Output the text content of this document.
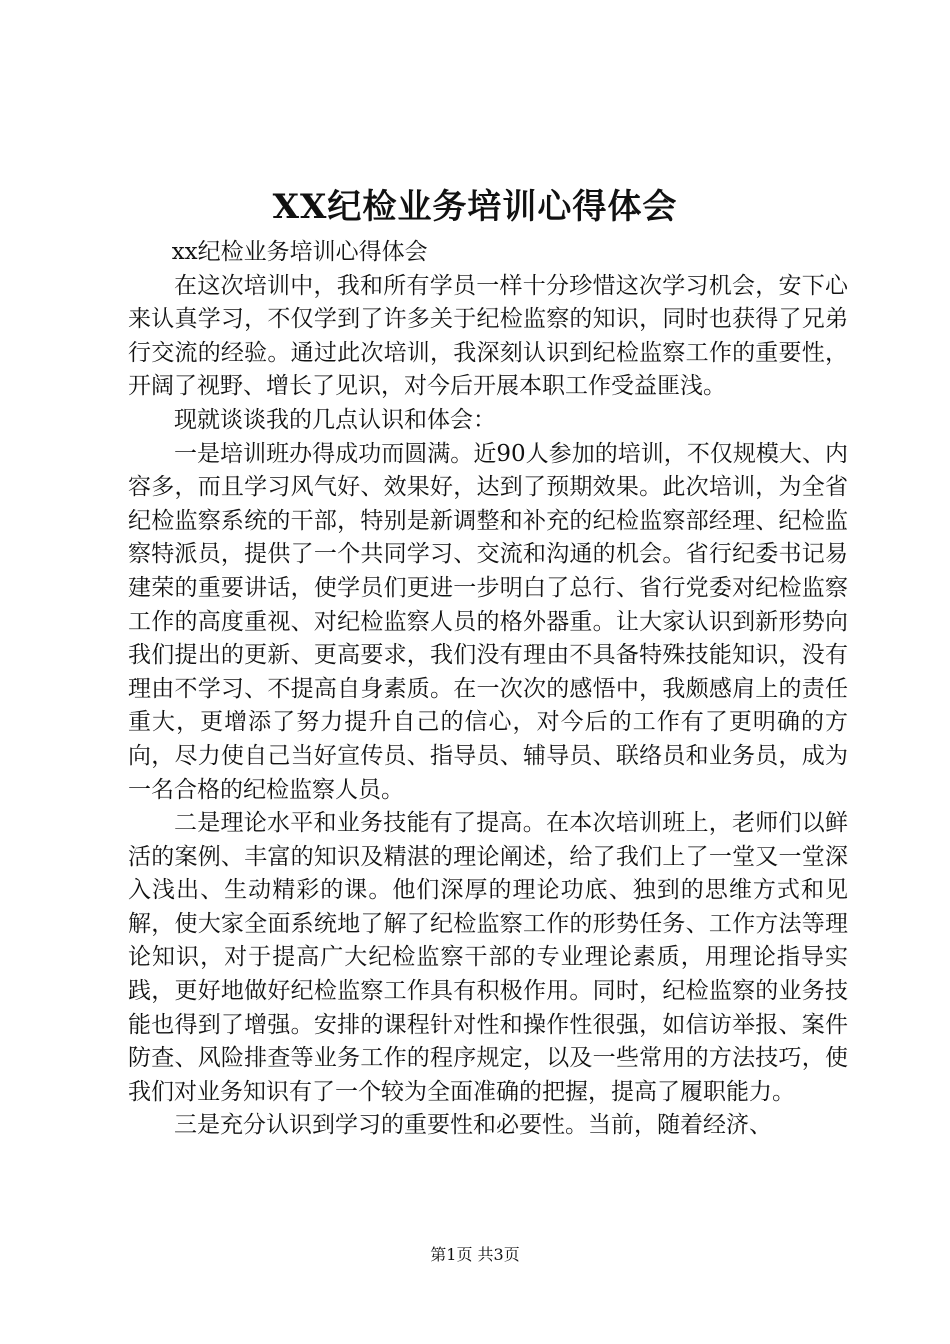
XX纪检业务培训心得体会

xx纪检业务培训心得体会

在这次培训中，我和所有学员一样十分珍惜这次学习机会，安下心来认真学习，不仅学到了许多关于纪检监察的知识，同时也获得了兄弟行交流的经验。通过此次培训，我深刻认识到纪检监察工作的重要性，开阔了视野、增长了见识，对今后开展本职工作受益匪浅。

现就谈谈我的几点认识和体会：

一是培训班办得成功而圆满。近90人参加的培训，不仅规模大、内容多，而且学习风气好、效果好，达到了预期效果。此次培训，为全省纪检监察系统的干部，特别是新调整和补充的纪检监察部经理、纪检监察特派员，提供了一个共同学习、交流和沟通的机会。省行纪委书记易建荣的重要讲话，使学员们更进一步明白了总行、省行党委对纪检监察工作的高度重视、对纪检监察人员的格外器重。让大家认识到新形势向我们提出的更新、更高要求，我们没有理由不具备特殊技能知识，没有理由不学习、不提高自身素质。在一次次的感悟中，我颇感肩上的责任重大，更增添了努力提升自己的信心，对今后的工作有了更明确的方向，尽力使自己当好宣传员、指导员、辅导员、联络员和业务员，成为一名合格的纪检监察人员。

二是理论水平和业务技能有了提高。在本次培训班上，老师们以鲜活的案例、丰富的知识及精湛的理论阐述，给了我们上了一堂又一堂深入浅出、生动精彩的课。他们深厚的理论功底、独到的思维方式和见解，使大家全面系统地了解了纪检监察工作的形势任务、工作方法等理论知识，对于提高广大纪检监察干部的专业理论素质，用理论指导实践，更好地做好纪检监察工作具有积极作用。同时，纪检监察的业务技能也得到了增强。安排的课程针对性和操作性很强，如信访举报、案件防查、风险排查等业务工作的程序规定，以及一些常用的方法技巧，使我们对业务知识有了一个较为全面准确的把握，提高了履职能力。

三是充分认识到学习的重要性和必要性。当前，随着经济、

第1页 共3页
